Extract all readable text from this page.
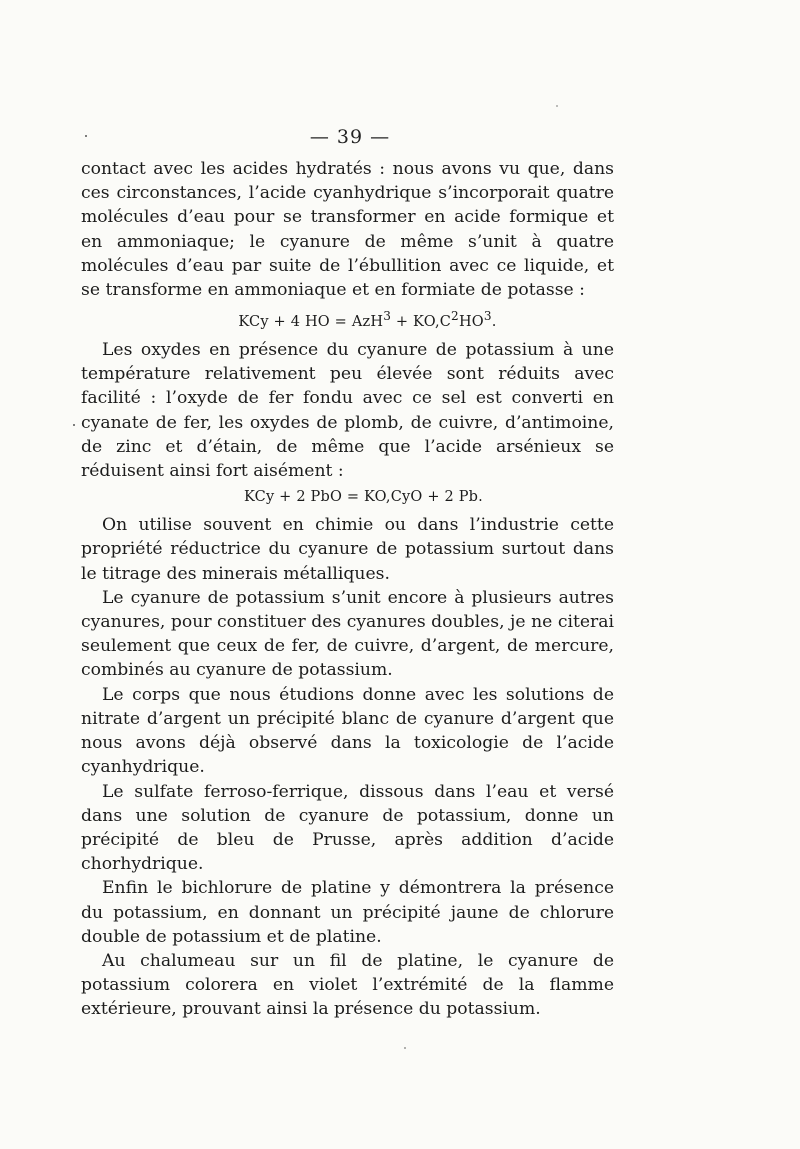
— 39 —

contact avec les acides hydratés : nous avons vu que, dans ces circonstances, l’acide cyanhydrique s’incorporait quatre molécules d’eau pour se transformer en acide formique et en ammoniaque; le cyanure de même s’unit à quatre molécules d’eau par suite de l’ébullition avec ce liquide, et se transforme en ammoniaque et en formiate de potasse :

KCy + 4 HO = $AzH^3 + KO,C^2HO^3$.

Les oxydes en présence du cyanure de potassium à une température relativement peu élevée sont réduits avec facilité : l’oxyde de fer fondu avec ce sel est converti en cyanate de fer, les oxydes de plomb, de cuivre, d’antimoine, de zinc et d’étain, de même que l’acide arsénieux se réduisent ainsi fort aisément :

KCy + 2 PbO = KO,CyO + 2 Pb.

On utilise souvent en chimie ou dans l’industrie cette propriété réductrice du cyanure de potassium surtout dans le titrage des minerais métalliques.

Le cyanure de potassium s’unit encore à plusieurs autres cyanures, pour constituer des cyanures doubles, je ne citerai seulement que ceux de fer, de cuivre, d’argent, de mercure, combinés au cyanure de potassium.

Le corps que nous étudions donne avec les solutions de nitrate d’argent un précipité blanc de cyanure d’argent que nous avons déjà observé dans la toxicologie de l’acide cyanhydrique.

Le sulfate ferroso-ferrique, dissous dans l’eau et versé dans une solution de cyanure de potassium, donne un précipité de bleu de Prusse, après addition d’acide chorhydrique.

Enfin le bichlorure de platine y démontrera la présence du potassium, en donnant un précipité jaune de chlorure double de potassium et de platine.

Au chalumeau sur un fil de platine, le cyanure de potassium colorera en violet l’extrémité de la flamme extérieure, prouvant ainsi la présence du potassium.
